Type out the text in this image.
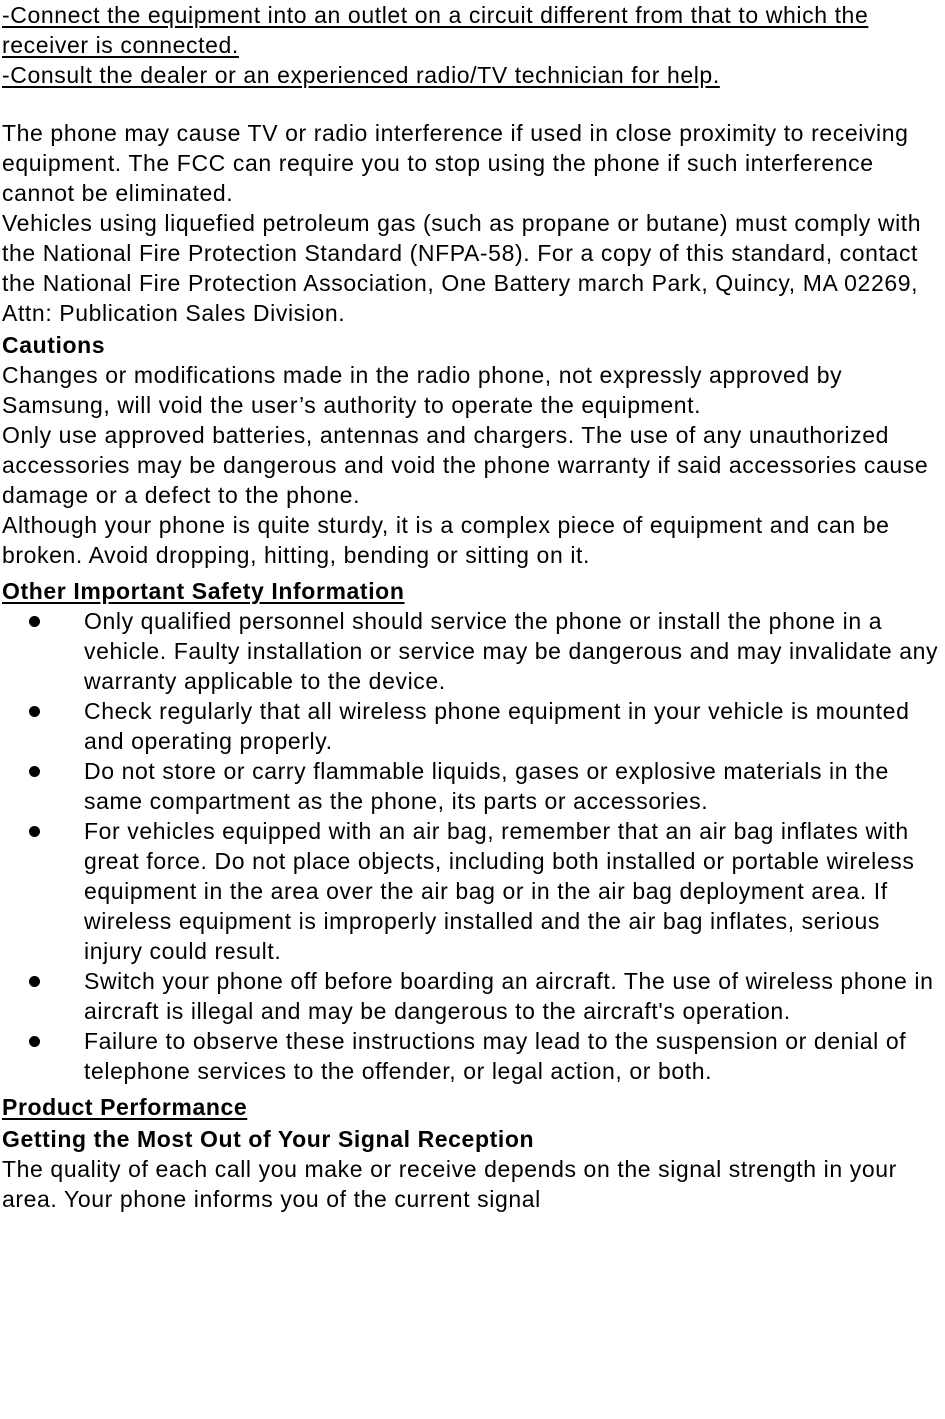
-Connect the equipment into an outlet on a circuit different from that to which the receiver is connected.

-Consult the dealer or an experienced radio/TV technician for help.

The phone may cause TV or radio interference if used in close proximity to receiving equipment. The FCC can require you to stop using the phone if such interference cannot be eliminated.

Vehicles using liquefied petroleum gas (such as propane or butane) must comply with the National Fire Protection Standard (NFPA-58). For a copy of this standard, contact the National Fire Protection Association, One Battery march Park, Quincy, MA 02269, Attn: Publication Sales Division.

Cautions

Changes or modifications made in the radio phone, not expressly approved by Samsung, will void the user’s authority to operate the equipment.

Only use approved batteries, antennas and chargers. The use of any unauthorized accessories may be dangerous and void the phone warranty if said accessories cause damage or a defect to the phone.

Although your phone is quite sturdy, it is a complex piece of equipment and can be broken. Avoid dropping, hitting, bending or sitting on it.

Other Important Safety Information

Only qualified personnel should service the phone or install the phone in a vehicle. Faulty installation or service may be dangerous and may invalidate any warranty applicable to the device.
Check regularly that all wireless phone equipment in your vehicle is mounted and operating properly.
Do not store or carry flammable liquids, gases or explosive materials in the same compartment as the phone, its parts or accessories.
For vehicles equipped with an air bag, remember that an air bag inflates with great force. Do not place objects, including both installed or portable wireless equipment in the area over the air bag or in the air bag deployment area. If wireless equipment is improperly installed and the air bag inflates, serious injury could result.
Switch your phone off before boarding an aircraft. The use of wireless phone in aircraft is illegal and may be dangerous to the aircraft's operation.
Failure to observe these instructions may lead to the suspension or denial of telephone services to the offender, or legal action, or both.

Product Performance

Getting the Most Out of Your Signal Reception

The quality of each call you make or receive depends on the signal strength in your area. Your phone informs you of the current signal
